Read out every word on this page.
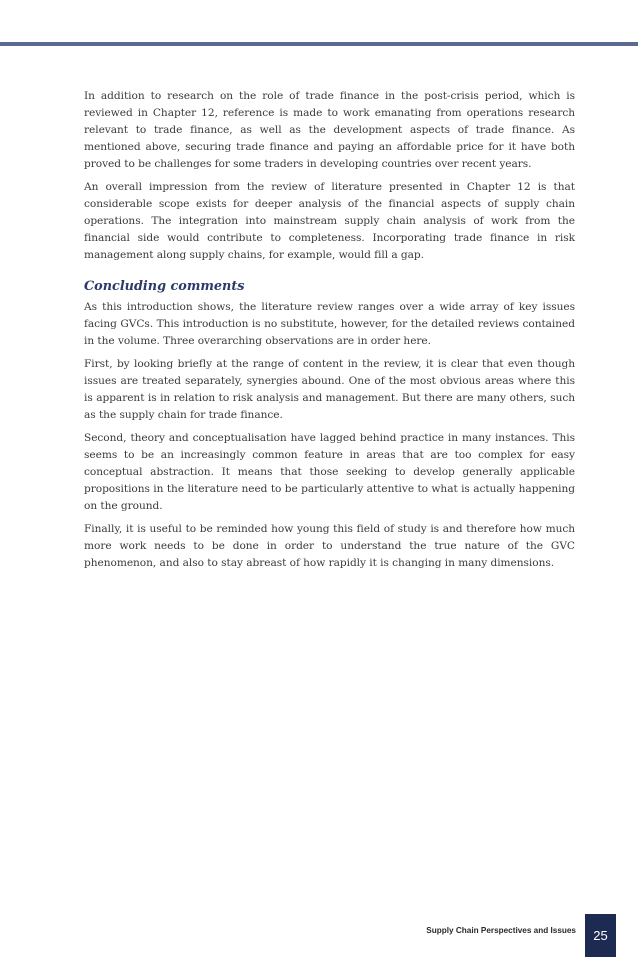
In addition to research on the role of trade finance in the post-crisis period, which is reviewed in Chapter 12, reference is made to work emanating from operations research relevant to trade finance, as well as the development aspects of trade finance. As mentioned above, securing trade finance and paying an affordable price for it have both proved to be challenges for some traders in developing countries over recent years.

An overall impression from the review of literature presented in Chapter 12 is that considerable scope exists for deeper analysis of the financial aspects of supply chain operations. The integration into mainstream supply chain analysis of work from the financial side would contribute to completeness. Incorporating trade finance in risk management along supply chains, for example, would fill a gap.

Concluding comments

As this introduction shows, the literature review ranges over a wide array of key issues facing GVCs. This introduction is no substitute, however, for the detailed reviews contained in the volume. Three overarching observations are in order here.

First, by looking briefly at the range of content in the review, it is clear that even though issues are treated separately, synergies abound. One of the most obvious areas where this is apparent is in relation to risk analysis and management. But there are many others, such as the supply chain for trade finance.

Second, theory and conceptualisation have lagged behind practice in many instances. This seems to be an increasingly common feature in areas that are too complex for easy conceptual abstraction. It means that those seeking to develop generally applicable propositions in the literature need to be particularly attentive to what is actually happening on the ground.

Finally, it is useful to be reminded how young this field of study is and therefore how much more work needs to be done in order to understand the true nature of the GVC phenomenon, and also to stay abreast of how rapidly it is changing in many dimensions.

Supply Chain Perspectives and Issues	25
